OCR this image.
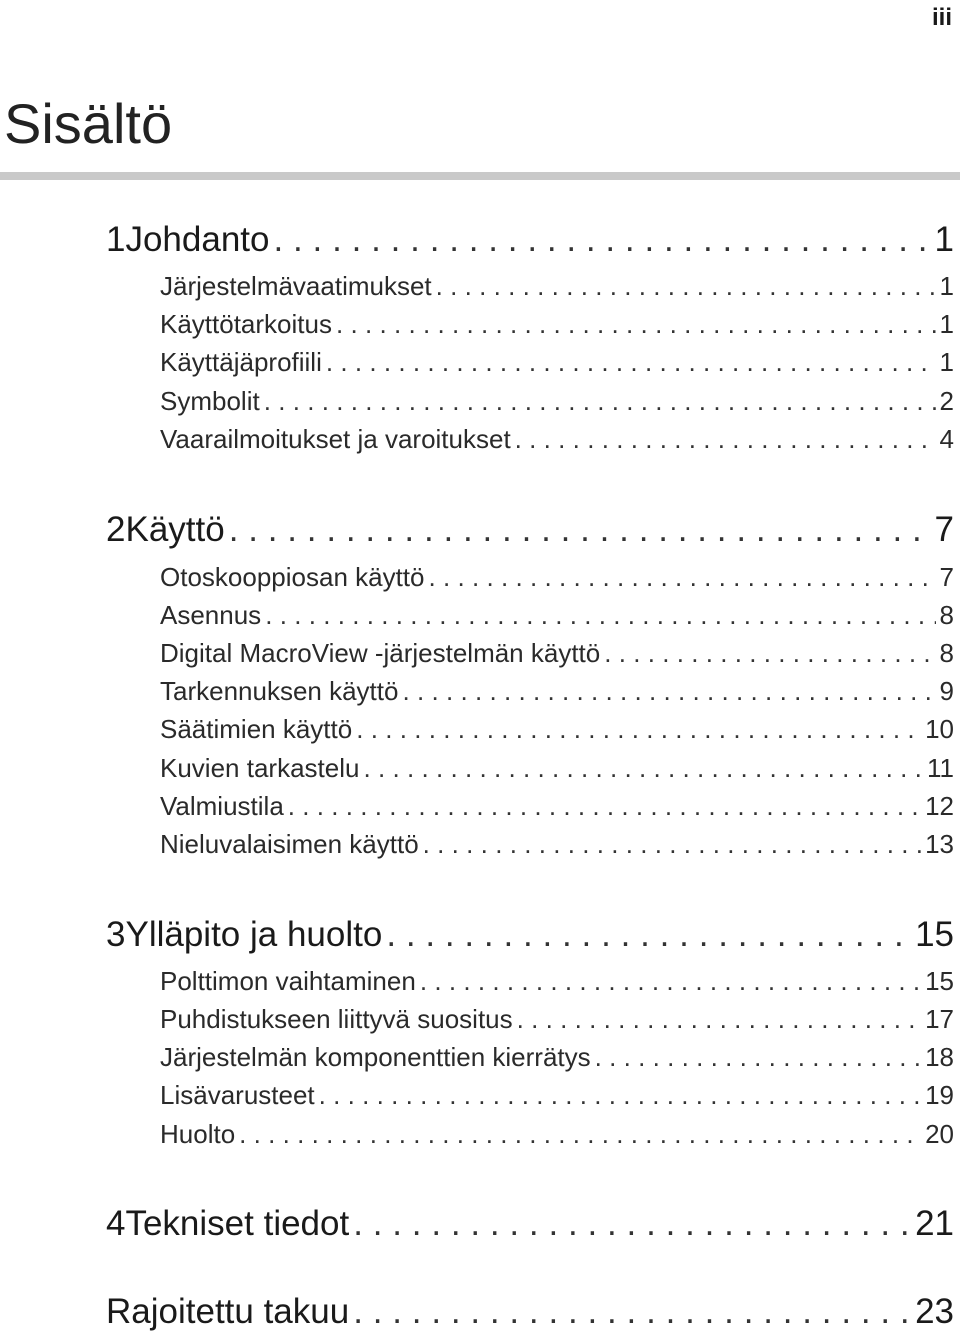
iii
Sisältö
1 Johdanto .....	1
Järjestelmävaatimukset .....	1
Käyttötarkoitus .....	1
Käyttäjäprofiili .....	1
Symbolit .....	2
Vaarailmoitukset ja varoitukset .....	4
2 Käyttö .....	7
Otoskooppiosan käyttö .....	7
Asennus .....	8
Digital MacroView -järjestelmän käyttö .....	8
Tarkennuksen käyttö .....	9
Säätimien käyttö .....	10
Kuvien tarkastelu .....	11
Valmiustila .....	12
Nieluvalaisimen käyttö .....	13
3 Ylläpito ja huolto .....	15
Polttimon vaihtaminen .....	15
Puhdistukseen liittyvä suositus .....	17
Järjestelmän komponenttien kierrätys .....	18
Lisävarusteet .....	19
Huolto .....	20
4 Tekniset tiedot .....	21
Rajoitettu takuu .....	23
